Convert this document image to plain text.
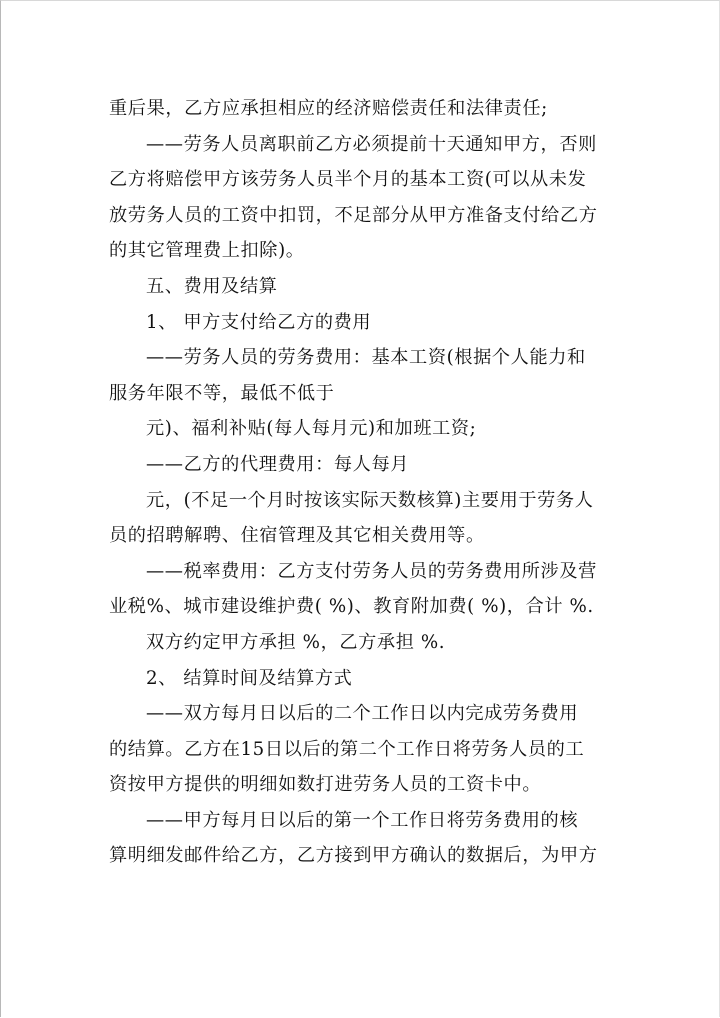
重后果，乙方应承担相应的经济赔偿责任和法律责任;
——劳务人员离职前乙方必须提前十天通知甲方，否则
乙方将赔偿甲方该劳务人员半个月的基本工资(可以从未发
放劳务人员的工资中扣罚，不足部分从甲方准备支付给乙方
的其它管理费上扣除)。
五、费用及结算
1、 甲方支付给乙方的费用
——劳务人员的劳务费用：基本工资(根据个人能力和
服务年限不等，最低不低于
元)、福利补贴(每人每月元)和加班工资;
——乙方的代理费用：每人每月
元，(不足一个月时按该实际天数核算)主要用于劳务人
员的招聘解聘、住宿管理及其它相关费用等。
——税率费用：乙方支付劳务人员的劳务费用所涉及营
业税%、城市建设维护费( %)、教育附加费( %)，合计 %.
双方约定甲方承担 %，乙方承担 %.
2、 结算时间及结算方式
——双方每月日以后的二个工作日以内完成劳务费用
的结算。乙方在15日以后的第二个工作日将劳务人员的工
资按甲方提供的明细如数打进劳务人员的工资卡中。
——甲方每月日以后的第一个工作日将劳务费用的核
算明细发邮件给乙方，乙方接到甲方确认的数据后，为甲方
